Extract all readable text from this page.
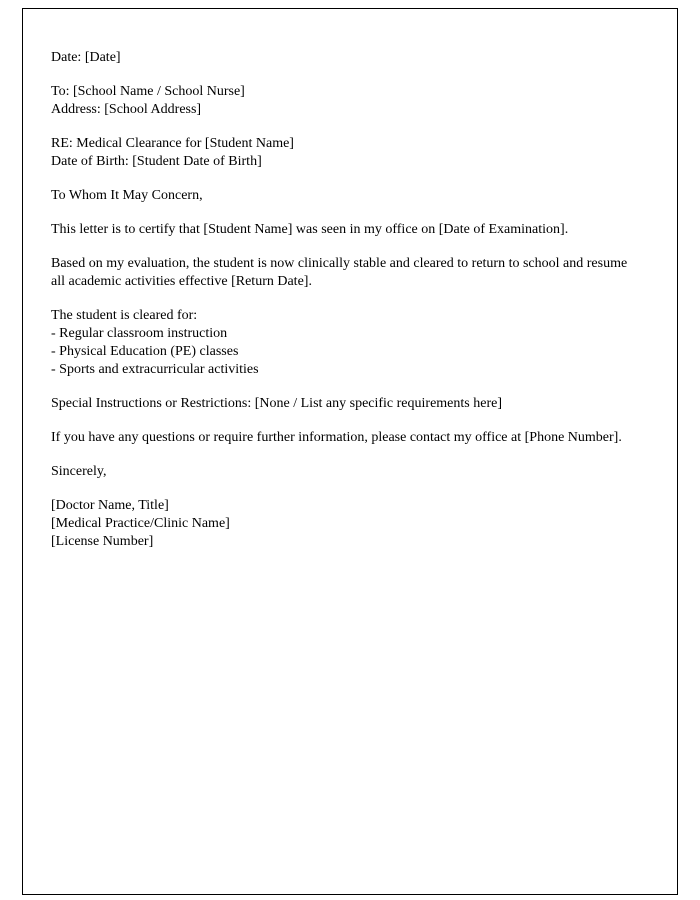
Date: [Date]
To: [School Name / School Nurse]
Address: [School Address]
RE: Medical Clearance for [Student Name]
Date of Birth: [Student Date of Birth]
To Whom It May Concern,
This letter is to certify that [Student Name] was seen in my office on [Date of Examination].
Based on my evaluation, the student is now clinically stable and cleared to return to school and resume all academic activities effective [Return Date].
The student is cleared for:
- Regular classroom instruction
- Physical Education (PE) classes
- Sports and extracurricular activities
Special Instructions or Restrictions: [None / List any specific requirements here]
If you have any questions or require further information, please contact my office at [Phone Number].
Sincerely,
[Doctor Name, Title]
[Medical Practice/Clinic Name]
[License Number]
